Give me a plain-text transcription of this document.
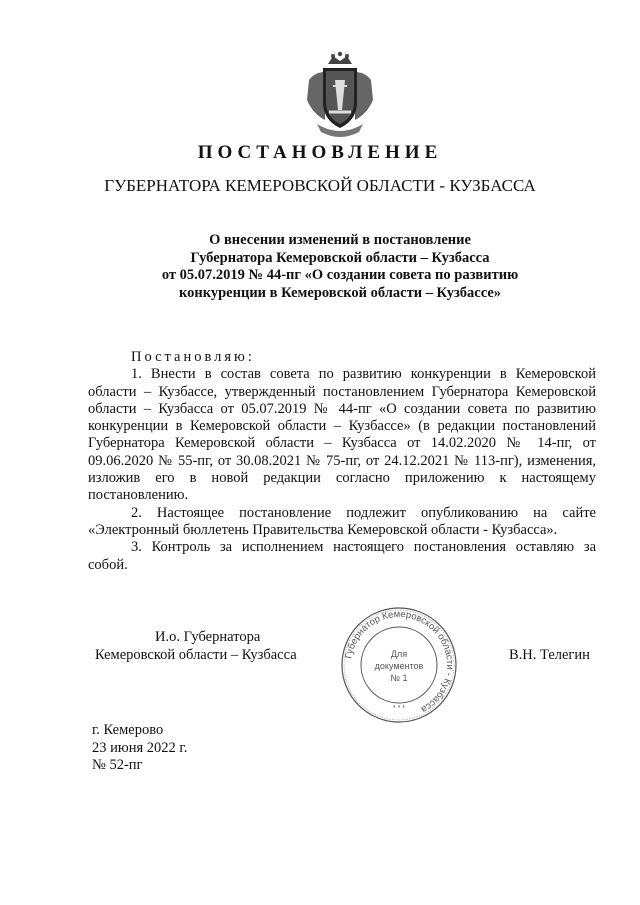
ПОСТАНОВЛЕНИЕ
ГУБЕРНАТОРА КЕМЕРОВСКОЙ ОБЛАСТИ - КУЗБАССА
О внесении изменений в постановление
Губернатора Кемеровской области – Кузбасса
от 05.07.2019 № 44-пг «О создании совета по развитию
конкуренции в Кемеровской области – Кузбассе»

Постановляю:

1. Внести в состав совета по развитию конкуренции в Кемеровской области – Кузбассе, утвержденный постановлением Губернатора Кемеровской области – Кузбасса от 05.07.2019 № 44-пг «О создании совета по развитию конкуренции в Кемеровской области – Кузбассе» (в редакции постановлений Губернатора Кемеровской области – Кузбасса от 14.02.2020 № 14-пг, от 09.06.2020 № 55-пг, от 30.08.2021 № 75-пг, от 24.12.2021 № 113-пг), изменения, изложив его в новой редакции согласно приложению к настоящему постановлению.

2. Настоящее постановление подлежит опубликованию на сайте «Электронный бюллетень Правительства Кемеровской области - Кузбасса».

3. Контроль за исполнением настоящего постановления оставляю за собой.

И.о. Губернатора
Кемеровской области – Кузбасса	Губернатор Кемеровской области - Кузбасса
Для
документов
№ 1
* * *
В.Н. Телегин
г. Кемерово
23 июня 2022 г.
№ 52-пг
